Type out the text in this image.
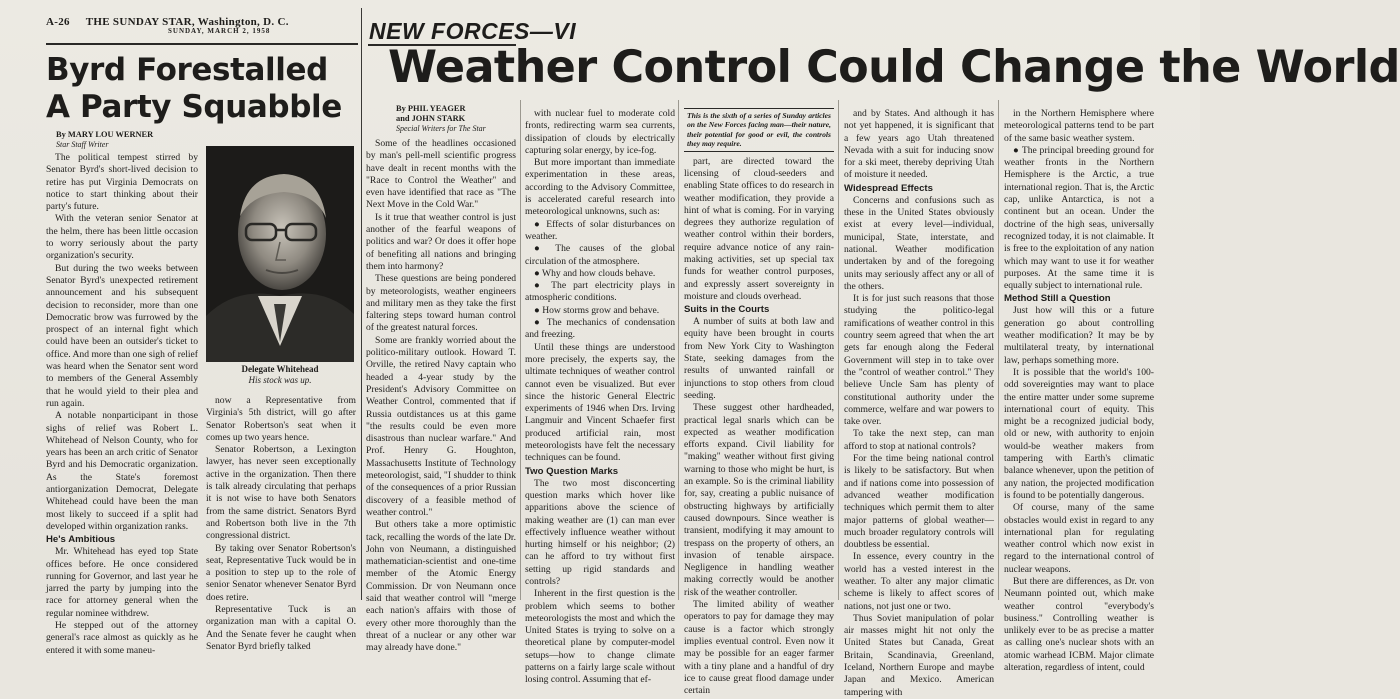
A-26 THE SUNDAY STAR, Washington, D. C.
SUNDAY, MARCH 2, 1958
Byrd Forestalled
A Party Squabble
By MARY LOU WERNER
Star Staff Writer

The political tempest stirred by Senator Byrd's short-lived decision to retire has put Virginia Democrats on notice to start thinking about their party's future.

With the veteran senior Senator at the helm, there has been little occasion to worry seriously about the party organization's security.

But during the two weeks between Senator Byrd's unexpected retirement announcement and his subsequent decision to reconsider, more than one Democratic brow was furrowed by the prospect of an internal fight which could have been an outsider's ticket to office. And more than one sigh of relief was heard when the Senator sent word to members of the General Assembly that he would yield to their plea and run again.

A notable nonparticipant in those sighs of relief was Robert L. Whitehead of Nelson County, who for years has been an arch critic of Senator Byrd and his Democratic organization. As the State's foremost antiorganization Democrat, Delegate Whitehead could have been the man most likely to succeed if a split had developed within organization ranks.

He's Ambitious

Mr. Whitehead has eyed top State offices before. He once considered running for Governor, and last year he jarred the party by jumping into the race for attorney general when the regular nominee withdrew.

He stepped out of the attorney general's race almost as quickly as he entered it with some maneu-

Delegate Whitehead
His stock was up.

now a Representative from Virginia's 5th district, will go after Senator Robertson's seat when it comes up two years hence.

Senator Robertson, a Lexington lawyer, has never seen exceptionally active in the organization. Then there is talk already circulating that perhaps it is not wise to have both Senators from the same district. Senators Byrd and Robertson both live in the 7th congressional district.

By taking over Senator Robertson's seat, Representative Tuck would be in a position to step up to the role of senior Senator whenever Senator Byrd does retire.

Representative Tuck is an organization man with a capital O. And the Senate fever he caught when Senator Byrd briefly talked

NEW FORCES—VI
Weather Control Could Change the World
By PHIL YEAGER
and JOHN STARK
Special Writers for The Star

Some of the headlines occasioned by man's pell-mell scientific progress have dealt in recent months with the "Race to Control the Weather" and even have identified that race as "The Next Move in the Cold War."

Is it true that weather control is just another of the fearful weapons of politics and war? Or does it offer hope of benefiting all nations and bringing them into harmony?

These questions are being pondered by meteorologists, weather engineers and military men as they take the first faltering steps toward human control of the greatest natural forces.

Some are frankly worried about the politico-military outlook. Howard T. Orville, the retired Navy captain who headed a 4-year study by the President's Advisory Committee on Weather Control, commented that if Russia outdistances us at this game "the results could be even more disastrous than nuclear warfare." And Prof. Henry G. Houghton, Massachusetts Institute of Technology meteorologist, said, "I shudder to think of the consequences of a prior Russian discovery of a feasible method of weather control."

But others take a more optimistic tack, recalling the words of the late Dr. John von Neumann, a distinguished mathematician-scientist and one-time member of the Atomic Energy Commission. Dr von Neumann once said that weather control will "merge each nation's affairs with those of every other more thoroughly than the threat of a nuclear or any other war may already have done."

with nuclear fuel to moderate cold fronts, redirecting warm sea currents, dissipation of clouds by electrically capturing solar energy, by ice-fog.

But more important than immediate experimentation in these areas, according to the Advisory Committee, is accelerated careful research into meteorological unknowns, such as:

● Effects of solar disturbances on weather.

● The causes of the global circulation of the atmosphere.

● Why and how clouds behave.

● The part electricity plays in atmospheric conditions.

● How storms grow and behave.

● The mechanics of condensation and freezing.

Until these things are understood more precisely, the experts say, the ultimate techniques of weather control cannot even be visualized. But ever since the historic General Electric experiments of 1946 when Drs. Irving Langmuir and Vincent Schaefer first produced artificial rain, most meteorologists have felt the necessary techniques can be found.

Two Question Marks

The two most disconcerting question marks which hover like apparitions above the science of making weather are (1) can man ever effectively influence weather without hurting himself or his neighbor; (2) can he afford to try without first setting up rigid standards and controls?

Inherent in the first question is the problem which seems to bother meteorologists the most and which the United States is trying to solve on a theoretical plane by computer-model setups—how to change climate patterns on a fairly large scale without losing control. Assuming that ef-

This is the sixth of a series of Sunday articles on the New Forces facing man—their nature, their potential for good or evil, the controls they may require.

part, are directed toward the licensing of cloud-seeders and enabling State offices to do research in weather modification, they provide a hint of what is coming. For in varying degrees they authorize regulation of weather control within their borders, require advance notice of any rain-making activities, set up special tax funds for weather control purposes, and expressly assert sovereignty in moisture and clouds overhead.

Suits in the Courts

A number of suits at both law and equity have been brought in courts from New York City to Washington State, seeking damages from the results of unwanted rainfall or injunctions to stop others from cloud seeding.

These suggest other hardheaded, practical legal snarls which can be expected as weather modification efforts expand. Civil liability for "making" weather without first giving warning to those who might be hurt, is an example. So is the criminal liability for, say, creating a public nuisance of obstructing highways by artificially caused downpours. Since weather is transient, modifying it may amount to trespass on the property of others, an invasion of tenable airspace. Negligence in handling weather making correctly would be another risk of the weather controller.

The limited ability of weather operators to pay for damage they may cause is a factor which strongly implies eventual control. Even now it may be possible for an eager farmer with a tiny plane and a handful of dry ice to cause great flood damage under certain

and by States. And although it has not yet happened, it is significant that a few years ago Utah threatened Nevada with a suit for inducing snow for a ski meet, thereby depriving Utah of moisture it needed.

Widespread Effects

Concerns and confusions such as these in the United States obviously exist at every level—individual, municipal, State, interstate, and national. Weather modification undertaken by and of the foregoing units may seriously affect any or all of the others.

It is for just such reasons that those studying the politico-legal ramifications of weather control in this country seem agreed that when the art gets far enough along the Federal Government will step in to take over the "control of weather control." They believe Uncle Sam has plenty of constitutional authority under the commerce, welfare and war powers to take over.

To take the next step, can man afford to stop at national controls?

For the time being national control is likely to be satisfactory. But when and if nations come into possession of advanced weather modification techniques which permit them to alter major patterns of global weather—much broader regulatory controls will doubtless be essential.

In essence, every country in the world has a vested interest in the weather. To alter any major climatic scheme is likely to affect scores of nations, not just one or two.

Thus Soviet manipulation of polar air masses might hit not only the United States but Canada, Great Britain, Scandinavia, Greenland, Iceland, Northern Europe and maybe Japan and Mexico. American tampering with

in the Northern Hemisphere where meteorological patterns tend to be part of the same basic weather system.

● The principal breeding ground for weather fronts in the Northern Hemisphere is the Arctic, a true international region. That is, the Arctic cap, unlike Antarctica, is not a continent but an ocean. Under the doctrine of the high seas, universally recognized today, it is not claimable. It is free to the exploitation of any nation which may want to use it for weather purposes. At the same time it is equally subject to international rule.

Method Still a Question

Just how will this or a future generation go about controlling weather modification? It may be by multilateral treaty, by international law, perhaps something more.

It is possible that the world's 100-odd sovereignties may want to place the entire matter under some supreme international court of equity. This might be a recognized judicial body, old or new, with authority to enjoin would-be weather makers from tampering with Earth's climatic balance whenever, upon the petition of any nation, the projected modification is found to be potentially dangerous.

Of course, many of the same obstacles would exist in regard to any international plan for regulating weather control which now exist in regard to the international control of nuclear weapons.

But there are differences, as Dr. von Neumann pointed out, which make weather control "everybody's business." Controlling weather is unlikely ever to be as precise a matter as calling one's nuclear shots with an atomic warhead ICBM. Major climate alteration, regardless of intent, could
